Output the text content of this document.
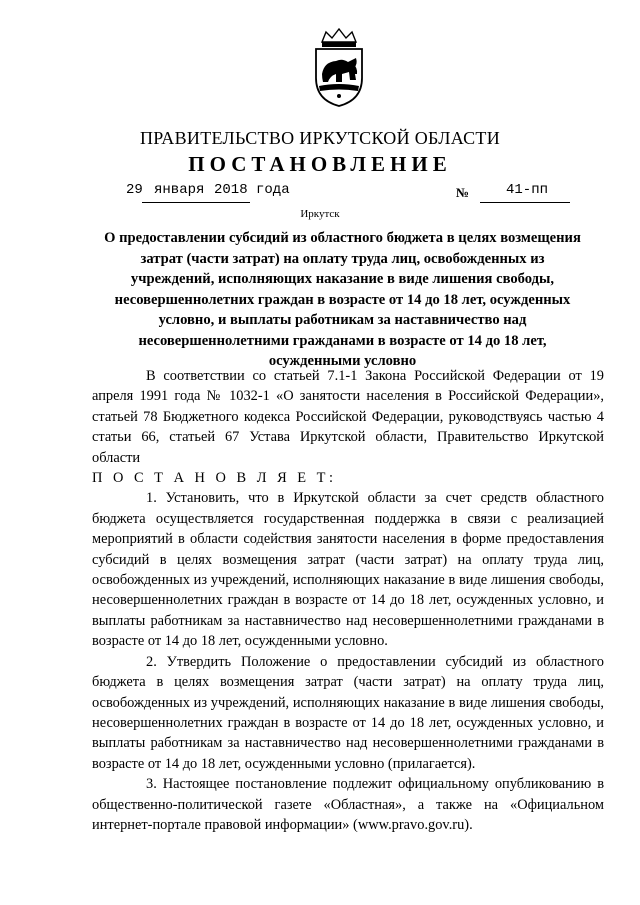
ПРАВИТЕЛЬСТВО ИРКУТСКОЙ ОБЛАСТИ
ПОСТАНОВЛЕНИЕ
29 января 2018 года	№	41-пп
Иркутск
О предоставлении субсидий из областного бюджета в целях возмещения затрат (части затрат) на оплату труда лиц, освобожденных из учреждений, исполняющих наказание в виде лишения свободы, несовершеннолетних граждан в возрасте от 14 до 18 лет, осужденных условно, и выплаты работникам за наставничество над несовершеннолетними гражданами в возрасте от 14 до 18 лет, осужденными условно

В соответствии со статьей 7.1-1 Закона Российской Федерации от 19 апреля 1991 года № 1032-1 «О занятости населения в Российской Федерации», статьей 78 Бюджетного кодекса Российской Федерации, руководствуясь частью 4 статьи 66, статьей 67 Устава Иркутской области, Правительство Иркутской области

П О С Т А Н О В Л Я Е Т:

1. Установить, что в Иркутской области за счет средств областного бюджета осуществляется государственная поддержка в связи с реализацией мероприятий в области содействия занятости населения в форме предоставления субсидий в целях возмещения затрат (части затрат) на оплату труда лиц, освобожденных из учреждений, исполняющих наказание в виде лишения свободы, несовершеннолетних граждан в возрасте от 14 до 18 лет, осужденных условно, и выплаты работникам за наставничество над несовершеннолетними гражданами в возрасте от 14 до 18 лет, осужденными условно.

2. Утвердить Положение о предоставлении субсидий из областного бюджета в целях возмещения затрат (части затрат) на оплату труда лиц, освобожденных из учреждений, исполняющих наказание в виде лишения свободы, несовершеннолетних граждан в возрасте от 14 до 18 лет, осужденных условно, и выплаты работникам за наставничество над несовершеннолетними гражданами в возрасте от 14 до 18 лет, осужденными условно (прилагается).

3. Настоящее постановление подлежит официальному опубликованию в общественно-политической газете «Областная», а также на «Официальном интернет-портале правовой информации» (www.pravo.gov.ru).
